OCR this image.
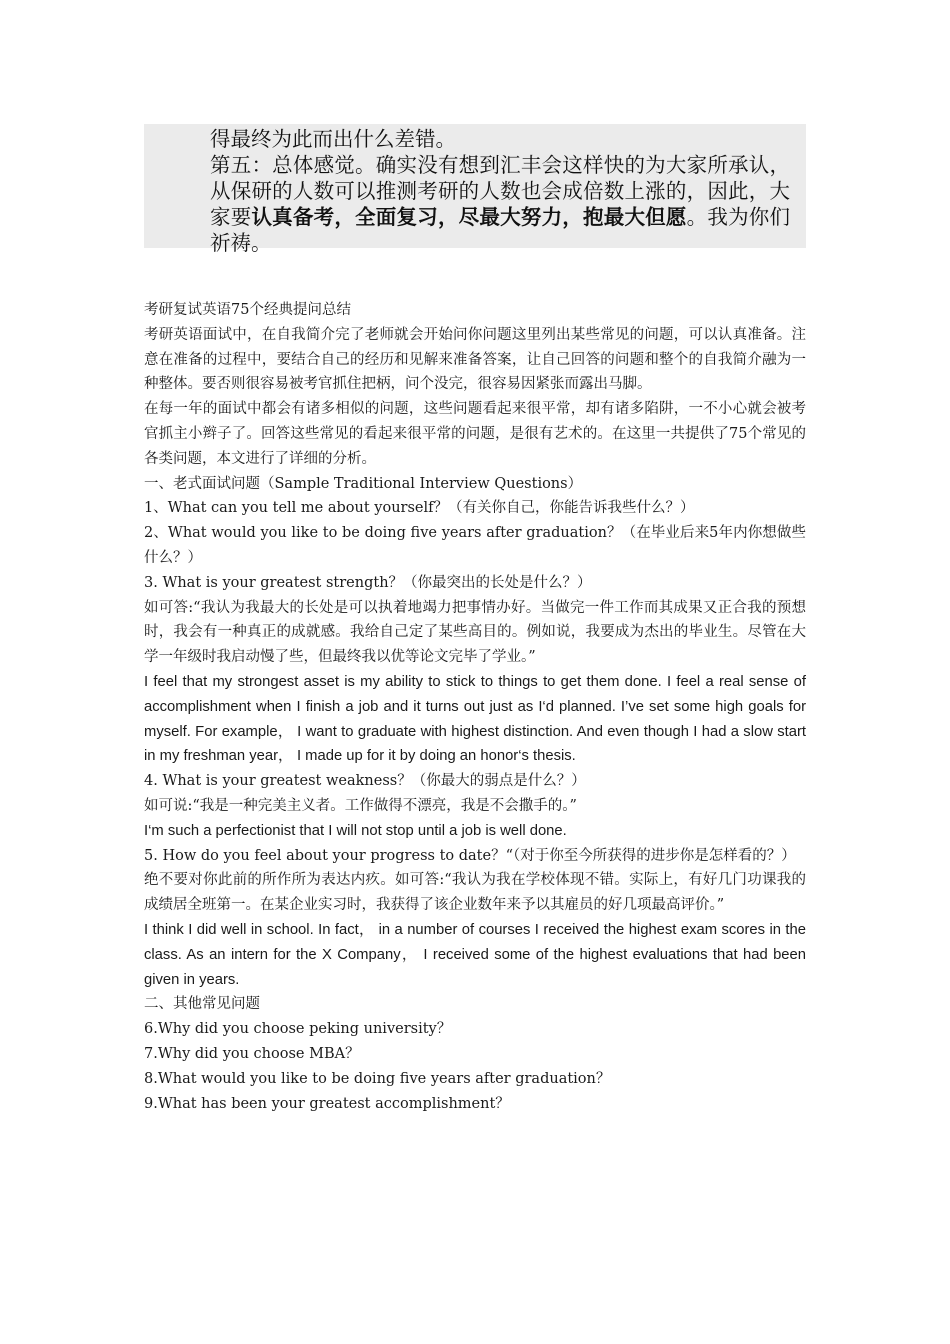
得最终为此而出什么差错。

第五：总体感觉。确实没有想到汇丰会这样快的为大家所承认，从保研的人数可以推测考研的人数也会成倍数上涨的，因此，大家要认真备考，全面复习，尽最大努力，抱最大但愿。我为你们祈祷。

考研复试英语75个经典提问总结

考研英语面试中，在自我简介完了老师就会开始问你问题这里列出某些常见的问题，可以认真准备。注意在准备的过程中，要结合自己的经历和见解来准备答案，让自己回答的问题和整个的自我简介融为一种整体。要否则很容易被考官抓住把柄，问个没完，很容易因紧张而露出马脚。

在每一年的面试中都会有诸多相似的问题，这些问题看起来很平常，却有诸多陷阱，一不小心就会被考官抓主小辫子了。回答这些常见的看起来很平常的问题，是很有艺术的。在这里一共提供了75个常见的各类问题，本文进行了详细的分析。

一、老式面试问题（Sample Traditional Interview Questions）

1、What can you tell me about yourself？（有关你自己，你能告诉我些什么？）

2、What would you like to be doing five years after graduation？（在毕业后来5年内你想做些什么？）

3. What is your greatest strength？（你最突出的长处是什么？）

如可答:“我认为我最大的长处是可以执着地竭力把事情办好。当做完一件工作而其成果又正合我的预想时，我会有一种真正的成就感。我给自己定了某些高目的。例如说，我要成为杰出的毕业生。尽管在大学一年级时我启动慢了些，但最终我以优等论文完毕了学业。”

I feel that my strongest asset is my ability to stick to things to get them done. I feel a real sense of accomplishment when I finish a job and it turns out just as I‘d planned. I’ve set some high goals for myself. For example， I want to graduate with highest distinction. And even though I had a slow start in my freshman year， I made up for it by doing an honor‘s thesis.

4. What is your greatest weakness？（你最大的弱点是什么？）

如可说:“我是一种完美主义者。工作做得不漂亮，我是不会撒手的。”

I‘m such a perfectionist that I will not stop until a job is well done.

5. How do you feel about your progress to date？“（对于你至今所获得的进步你是怎样看的？）

绝不要对你此前的所作所为表达内疚。如可答:“我认为我在学校体现不错。实际上，有好几门功课我的成绩居全班第一。在某企业实习时，我获得了该企业数年来予以其雇员的好几项最高评价。”

I think I did well in school. In fact， in a number of courses I received the highest exam scores in the class. As an intern for the X Company， I received some of the highest evaluations that had been given in years.

二、其他常见问题

6.Why did you choose peking university？

7.Why did you choose MBA？

8.What would you like to be doing five years after graduation？

9.What has been your greatest accomplishment？
